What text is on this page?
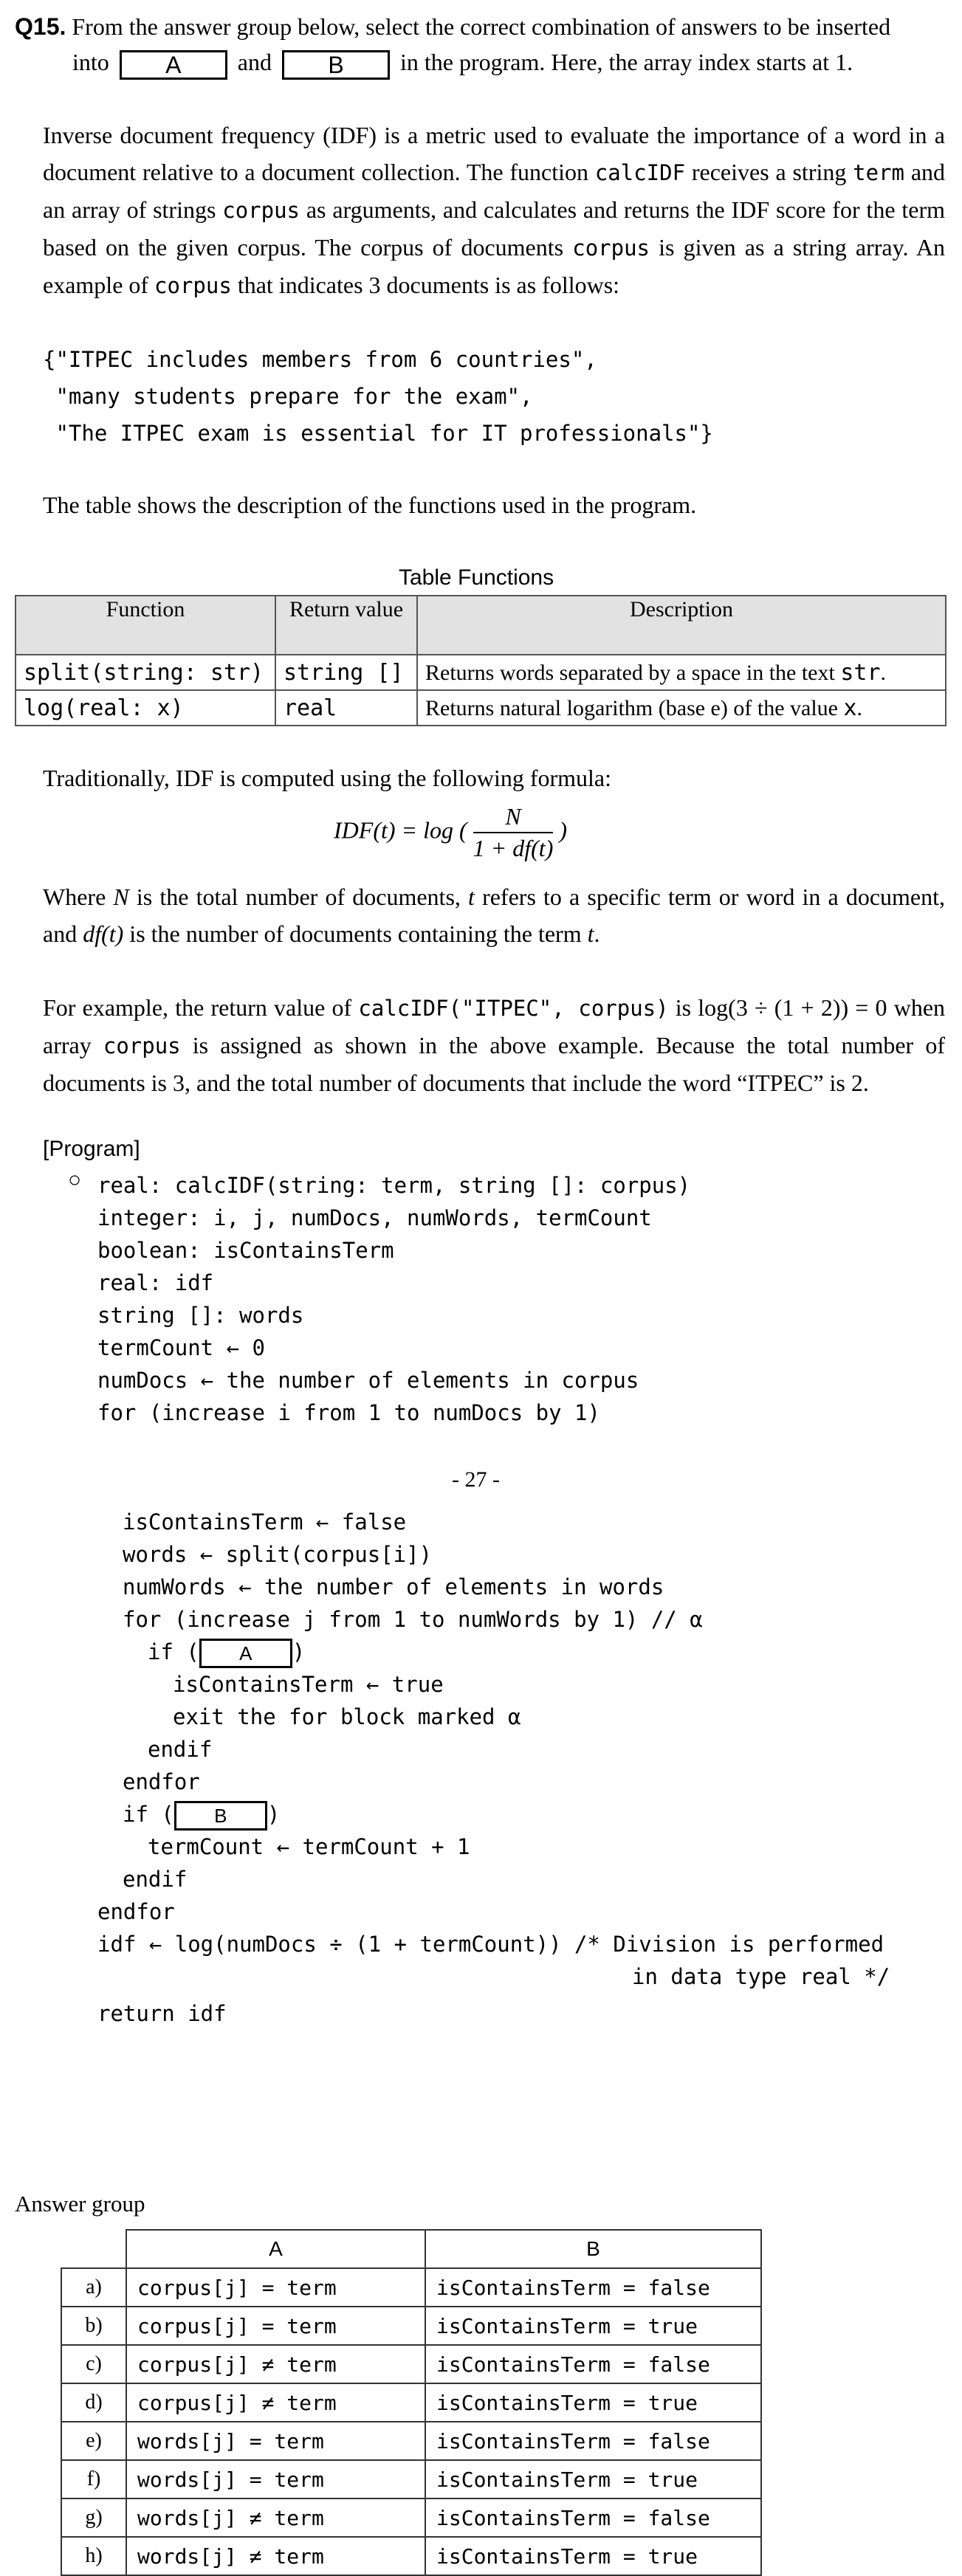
Q15. From the answer group below, select the correct combination of answers to be inserted
into A and B in the program. Here, the array index starts at 1.
Inverse document frequency (IDF) is a metric used to evaluate the importance of a word in a document relative to a document collection. The function calcIDF receives a string term and an array of strings corpus as arguments, and calculates and returns the IDF score for the term based on the given corpus. The corpus of documents corpus is given as a string array. An example of corpus that indicates 3 documents is as follows:
{"ITPEC includes members from 6 countries",
"many students prepare for the exam",
"The ITPEC exam is essential for IT professionals"}
The table shows the description of the functions used in the program.
Table Functions
Function	Return value	Description
split(string: str)	string []	Returns words separated by a space in the text str.
log(real: x)	real	Returns natural logarithm (base e) of the value x.
Traditionally, IDF is computed using the following formula:
IDF(t) = log ( $\frac{N}{1 + df(t)}$ )
Where N is the total number of documents, t refers to a specific term or word in a document, and df(t) is the number of documents containing the term t.
For example, the return value of calcIDF("ITPEC", corpus) is log(3 ÷ (1 + 2)) = 0 when array corpus is assigned as shown in the above example. Because the total number of documents is 3, and the total number of documents that include the word “ITPEC” is 2.
[Program]
○ real: calcIDF(string: term, string []: corpus)
integer: i, j, numDocs, numWords, termCount
boolean: isContainsTerm
real: idf
string []: words
termCount ← 0
numDocs ← the number of elements in corpus
for (increase i from 1 to numDocs by 1)
- 27 -
isContainsTerm ← false
words ← split(corpus[i])
numWords ← the number of elements in words
for (increase j from 1 to numWords by 1) // α
if ( A )
isContainsTerm ← true
exit the for block marked α
endif
endfor
if ( B )
termCount ← termCount + 1
endif
endfor
idf ← log(numDocs ÷ (1 + termCount)) /* Division is performed
in data type real */
return idf
Answer group
	A	B
a)	corpus[j] = term	isContainsTerm = false
b)	corpus[j] = term	isContainsTerm = true
c)	corpus[j] ≠ term	isContainsTerm = false
d)	corpus[j] ≠ term	isContainsTerm = true
e)	words[j] = term	isContainsTerm = false
f)	words[j] = term	isContainsTerm = true
g)	words[j] ≠ term	isContainsTerm = false
h)	words[j] ≠ term	isContainsTerm = true
